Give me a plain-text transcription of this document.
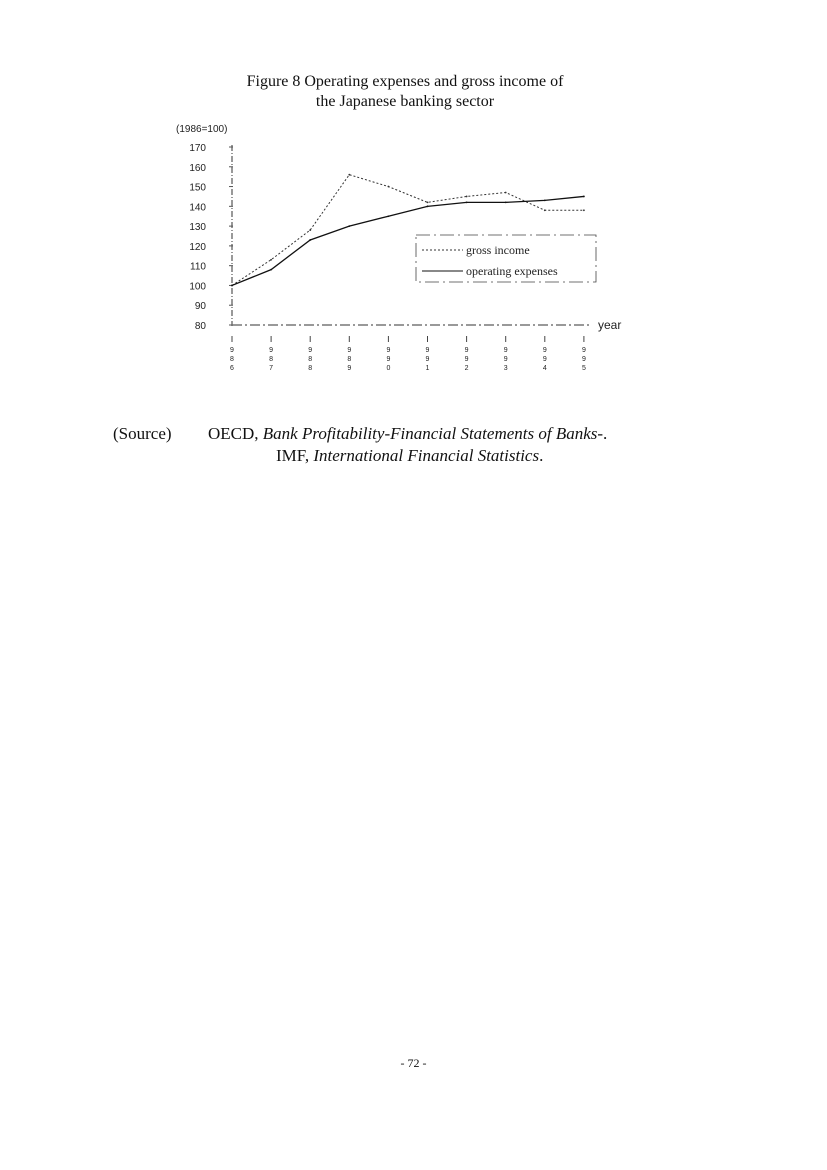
Figure 8 Operating expenses and gross income of
the Japanese banking sector
(1986=100)
170
160
150
140
130
120
110
100
90
80
9 8 6
9 8 7
9 8 8
9 8 9
9 9 0
9 9 1
9 9 2
9 9 3
9 9 4
9 9 5
gross income
operating expenses
year
(Source) OECD, Bank Profitability-Financial Statements of Banks-.
IMF, International Financial Statistics.
- 72 -
